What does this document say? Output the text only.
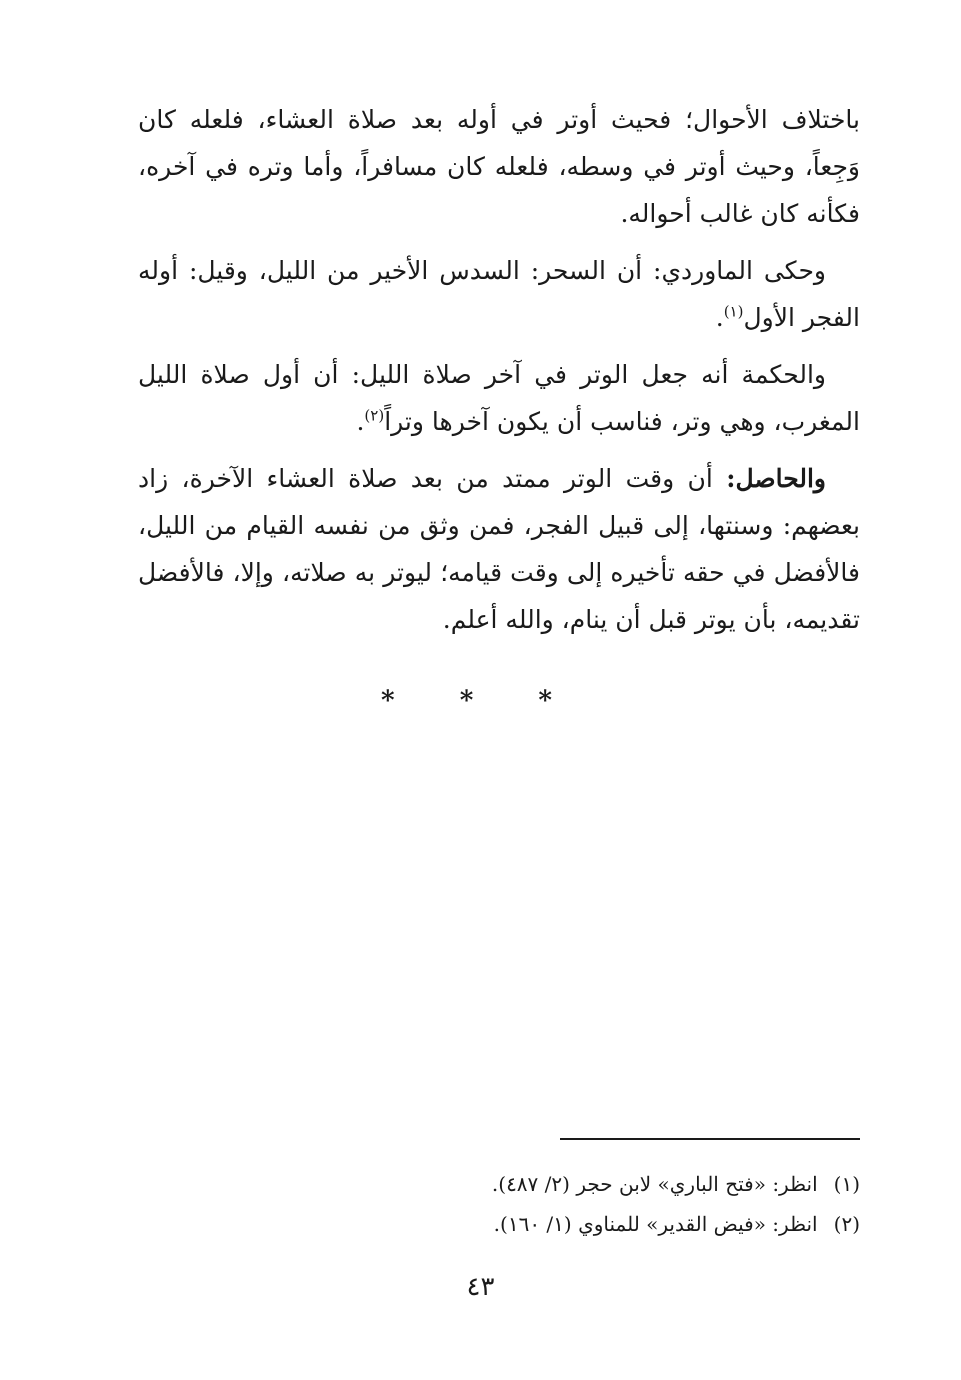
باختلاف الأحوال؛ فحيث أوتر في أوله بعد صلاة العشاء، فلعله كان وَجِعاً، وحيث أوتر في وسطه، فلعله كان مسافراً، وأما وتره في آخره، فكأنه كان غالب أحواله.

وحكى الماوردي: أن السحر: السدس الأخير من الليل، وقيل: أوله الفجر الأول$^{(١)}$.

والحكمة أنه جعل الوتر في آخر صلاة الليل: أن أول صلاة الليل المغرب، وهي وتر، فناسب أن يكون آخرها وتراً$^{(٢)}$.

والحاصل: أن وقت الوتر ممتد من بعد صلاة العشاء الآخرة، زاد بعضهم: وسنتها، إلى قبيل الفجر، فمن وثق من نفسه القيام من الليل، فالأفضل في حقه تأخيره إلى وقت قيامه؛ ليوتر به صلاته، وإلا، فالأفضل تقديمه، بأن يوتر قبل أن ينام، والله أعلم.

* * *

(١)انظر: «فتح الباري» لابن حجر (٢/ ٤٨٧).

(٢)انظر: «فيض القدير» للمناوي (١/ ١٦٠).

٤٣
